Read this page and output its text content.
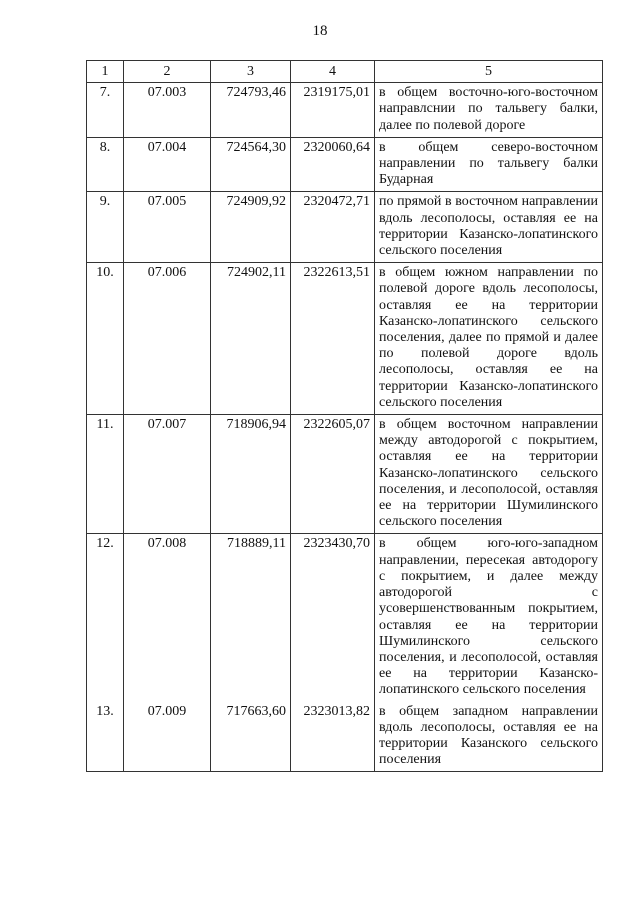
18
1	2	3	4	5
7.	07.003	724793,46	2319175,01	в общем восточно-юго-восточном направлснии по тальвегу балки, далее по полевой дороге
8.	07.004	724564,30	2320060,64	в общем северо-восточном направлении по тальвегу балки Бударная
9.	07.005	724909,92	2320472,71	по прямой в восточном направлении вдоль лесополосы, оставляя ее на территории Казанско-лопатинского сельского поселения
10.	07.006	724902,11	2322613,51	в общем южном направлении по полевой дороге вдоль лесополосы, оставляя ее на территории Казанско-лопатинского сельского поселения, далее по прямой и далее по полевой дороге вдоль лесополосы, оставляя ее на территории Казанско-лопатинского сельского поселения
11.	07.007	718906,94	2322605,07	в общем восточном направлении между автодорогой с покрытием, оставляя ее на территории Казанско-лопатинского сельского поселения, и лесополосой, оставляя ее на территории Шумилинского сельского поселения
12.	07.008	718889,11	2323430,70	в общем юго-юго-западном направлении, пересекая автодорогу с покрытием, и далее между автодорогой с усовершенствованным покрытием, оставляя ее на территории Шумилинского сельского поселения, и лесополосой, оставляя ее на территории Казанско-лопатинского сельского поселения
13.	07.009	717663,60	2323013,82	в общем западном направлении вдоль лесополосы, оставляя ее на территории Казанского сельского поселения
